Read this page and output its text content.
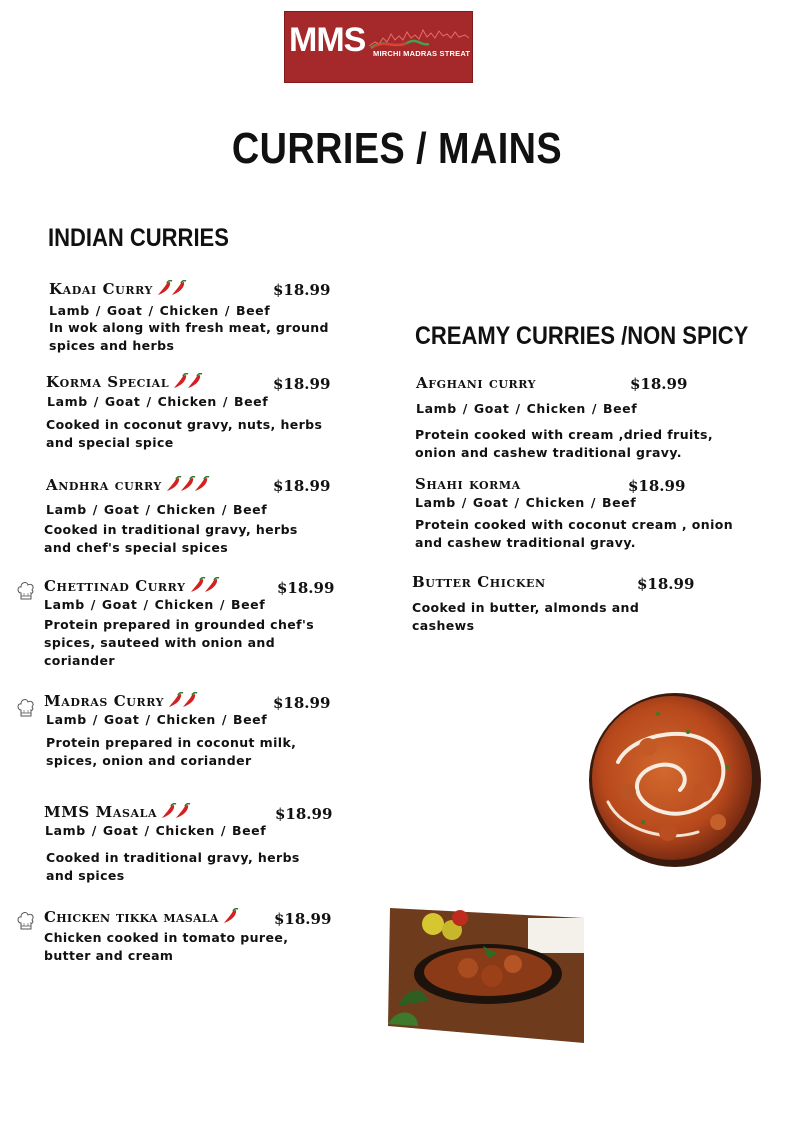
MMS MIRCHI MADRAS STREAT
CURRIES / MAINS
INDIAN CURRIES
CREAMY CURRIES /NON SPICY
Kadai Curry	$18.99
Lamb / Goat / Chicken / Beef
In wok along with fresh meat, ground spices and herbs
Korma Special	$18.99
Lamb / Goat / Chicken / Beef
Cooked in coconut gravy, nuts, herbs and special spice
Andhra curry	$18.99
Lamb / Goat / Chicken / Beef
Cooked in traditional gravy, herbs and chef's special spices
Chettinad Curry	$18.99
Lamb / Goat / Chicken / Beef
Protein prepared in grounded chef's spices, sauteed with onion and coriander
Madras Curry	$18.99
Lamb / Goat / Chicken / Beef
Protein prepared in coconut milk, spices, onion and coriander
MMS Masala	$18.99
Lamb / Goat / Chicken / Beef
Cooked in traditional gravy, herbs and spices
Chicken tikka masala	$18.99
Chicken cooked in tomato puree, butter and cream
Afghani curry	$18.99
Lamb / Goat / Chicken / Beef
Protein cooked with cream ,dried fruits, onion and cashew traditional gravy.
Shahi korma	$18.99
Lamb / Goat / Chicken / Beef
Protein cooked with coconut cream , onion and cashew traditional gravy.
Butter Chicken	$18.99
Cooked in butter, almonds and cashews
